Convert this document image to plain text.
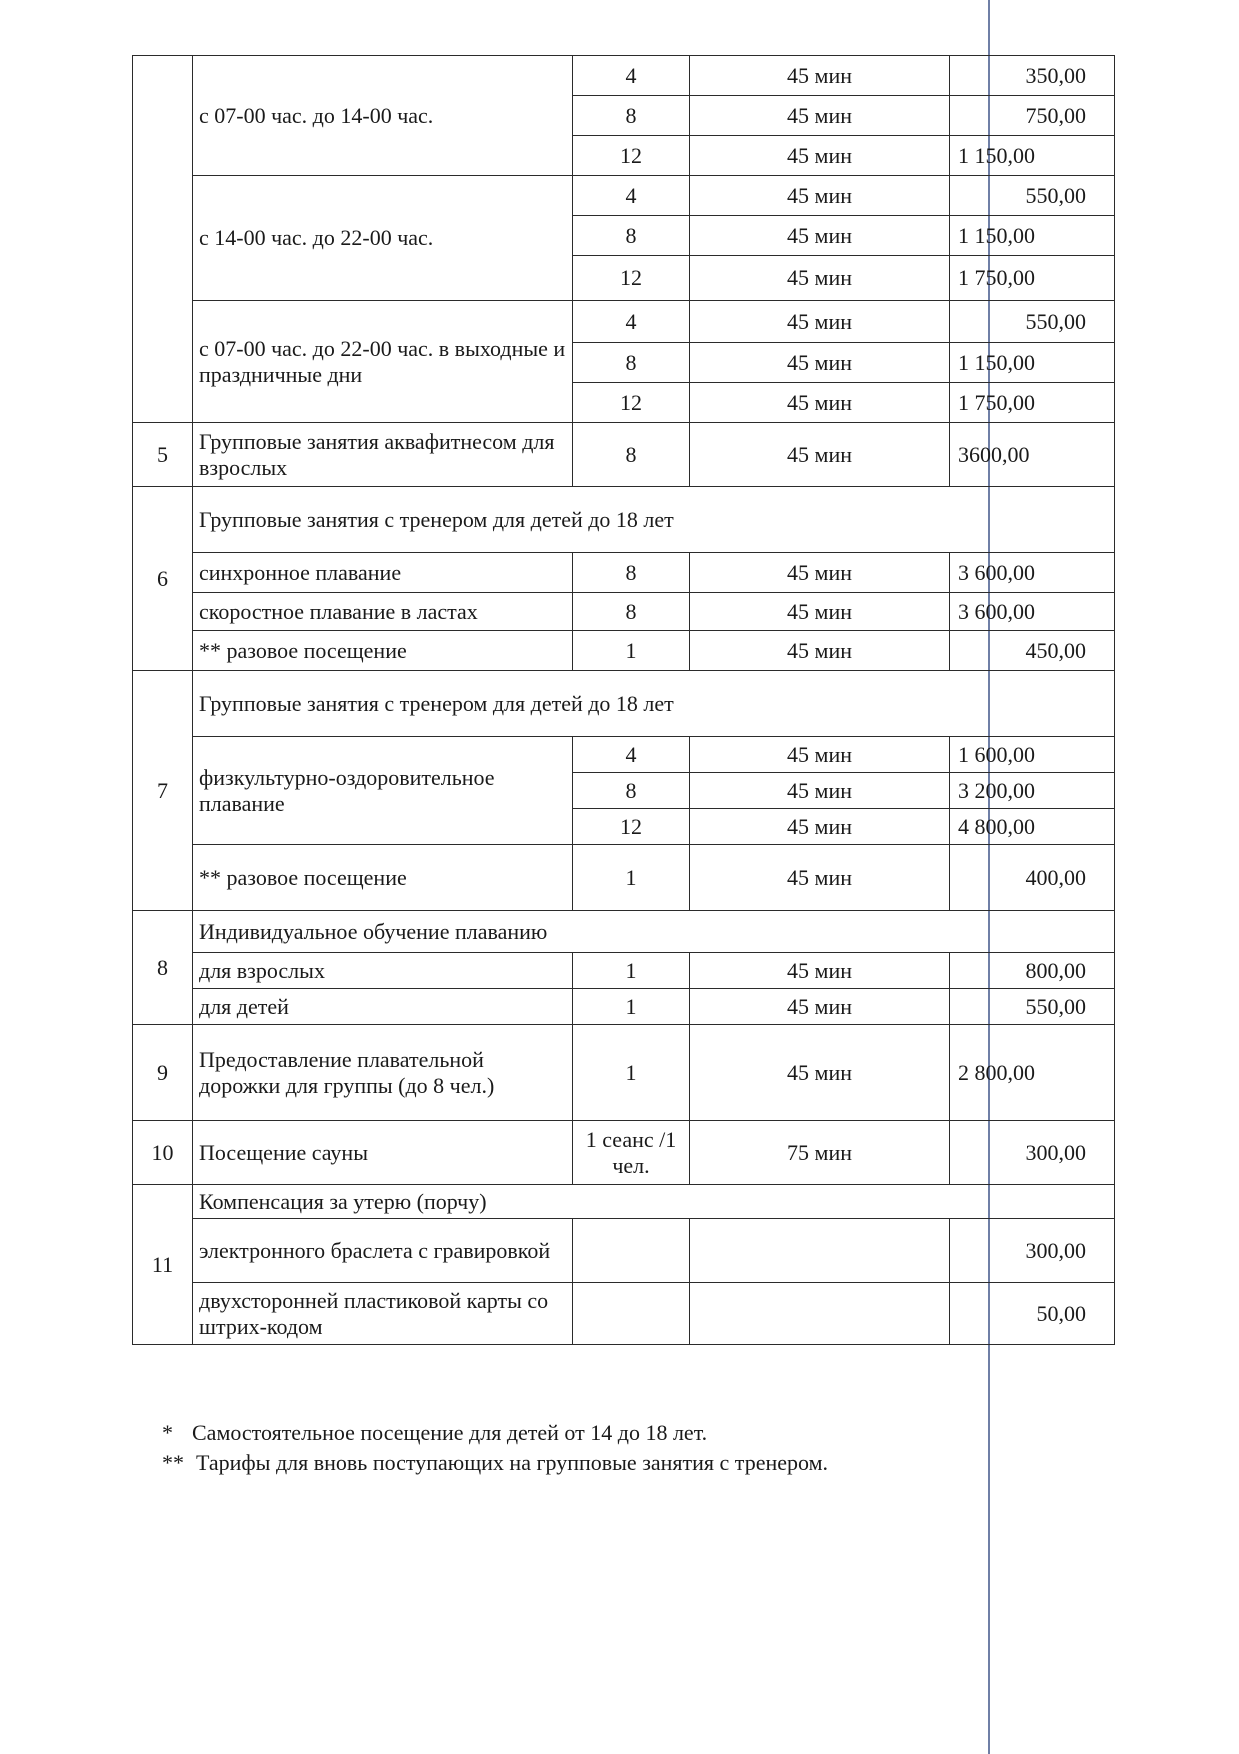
	с 07-00 час. до 14-00 час.	4	45 мин	350,00
		8	45 мин	750,00
		12	45 мин	1 150,00
	с 14-00 час. до 22-00 час.	4	45 мин	550,00
		8	45 мин	1 150,00
		12	45 мин	1 750,00
	с 07-00 час. до 22-00 час. в выходные и праздничные дни	4	45 мин	550,00
		8	45 мин	1 150,00
		12	45 мин	1 750,00
5	Групповые занятия аквафитнесом для взрослых	8	45 мин	3600,00
6	Групповые занятия с тренером для детей до 18 лет			
	синхронное плавание	8	45 мин	3 600,00
	скоростное плавание в ластах	8	45 мин	3 600,00
	** разовое посещение	1	45 мин	450,00
7	Групповые занятия с тренером для детей до 18 лет			
	физкультурно-оздоровительное плавание	4	45 мин	1 600,00
		8	45 мин	3 200,00
		12	45 мин	4 800,00
	** разовое посещение	1	45 мин	400,00
8	Индивидуальное обучение плаванию			
	для взрослых	1	45 мин	800,00
	для детей	1	45 мин	550,00
9	Предоставление плавательной дорожки для группы (до 8 чел.)	1	45 мин	2 800,00
10	Посещение сауны	1 сеанс /1 чел.	75 мин	300,00
11	Компенсация за утерю (порчу)			
	электронного браслета с гравировкой			300,00
	двухсторонней пластиковой карты со штрих-кодом			50,00
* Самостоятельное посещение для детей от 14 до 18 лет.
** Тарифы для вновь поступающих на групповые занятия с тренером.
